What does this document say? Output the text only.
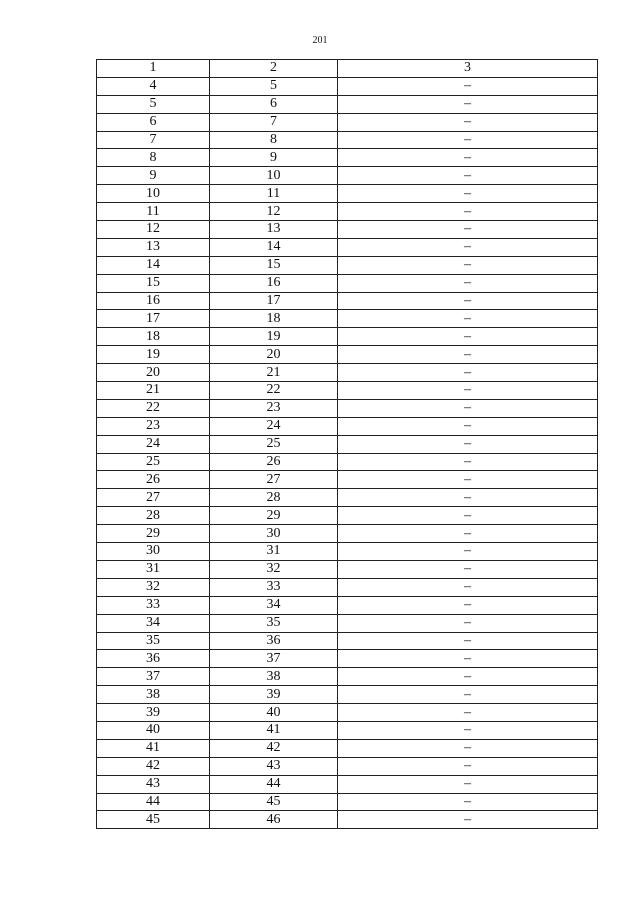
201
1	2	3
4	5	–
5	6	–
6	7	–
7	8	–
8	9	–
9	10	–
10	11	–
11	12	–
12	13	–
13	14	–
14	15	–
15	16	–
16	17	–
17	18	–
18	19	–
19	20	–
20	21	–
21	22	–
22	23	–
23	24	–
24	25	–
25	26	–
26	27	–
27	28	–
28	29	–
29	30	–
30	31	–
31	32	–
32	33	–
33	34	–
34	35	–
35	36	–
36	37	–
37	38	–
38	39	–
39	40	–
40	41	–
41	42	–
42	43	–
43	44	–
44	45	–
45	46	–
